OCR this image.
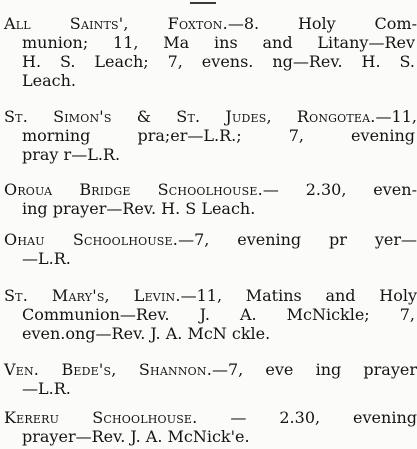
All Saints', Foxton.—8. Holy Com-
munion; 11, Ma ins and Litany—Rev
H. S. Leach; 7, evens. ng—Rev. H. S.
Leach.
St. Simon's & St. Judes, Rongotea.—11,
morning pra;er—L.R.; 7, evening
pray r—L.R.
Oroua Bridge Schoolhouse.— 2.30, even-
ing prayer—Rev. H. S Leach.
Ohau Schoolhouse.—7, evening pr yer—
—L.R.
St. Mary's, Levin.—11, Matins and Holy
Communion—Rev. J. A. McNickle; 7,
even.ong—Rev. J. A. McN ckle.
Ven. Bede's, Shannon.—7, eve ing prayer
—L.R.
Kereru Schoolhouse. — 2.30, evening
prayer—Rev. J. A. McNick'e.
